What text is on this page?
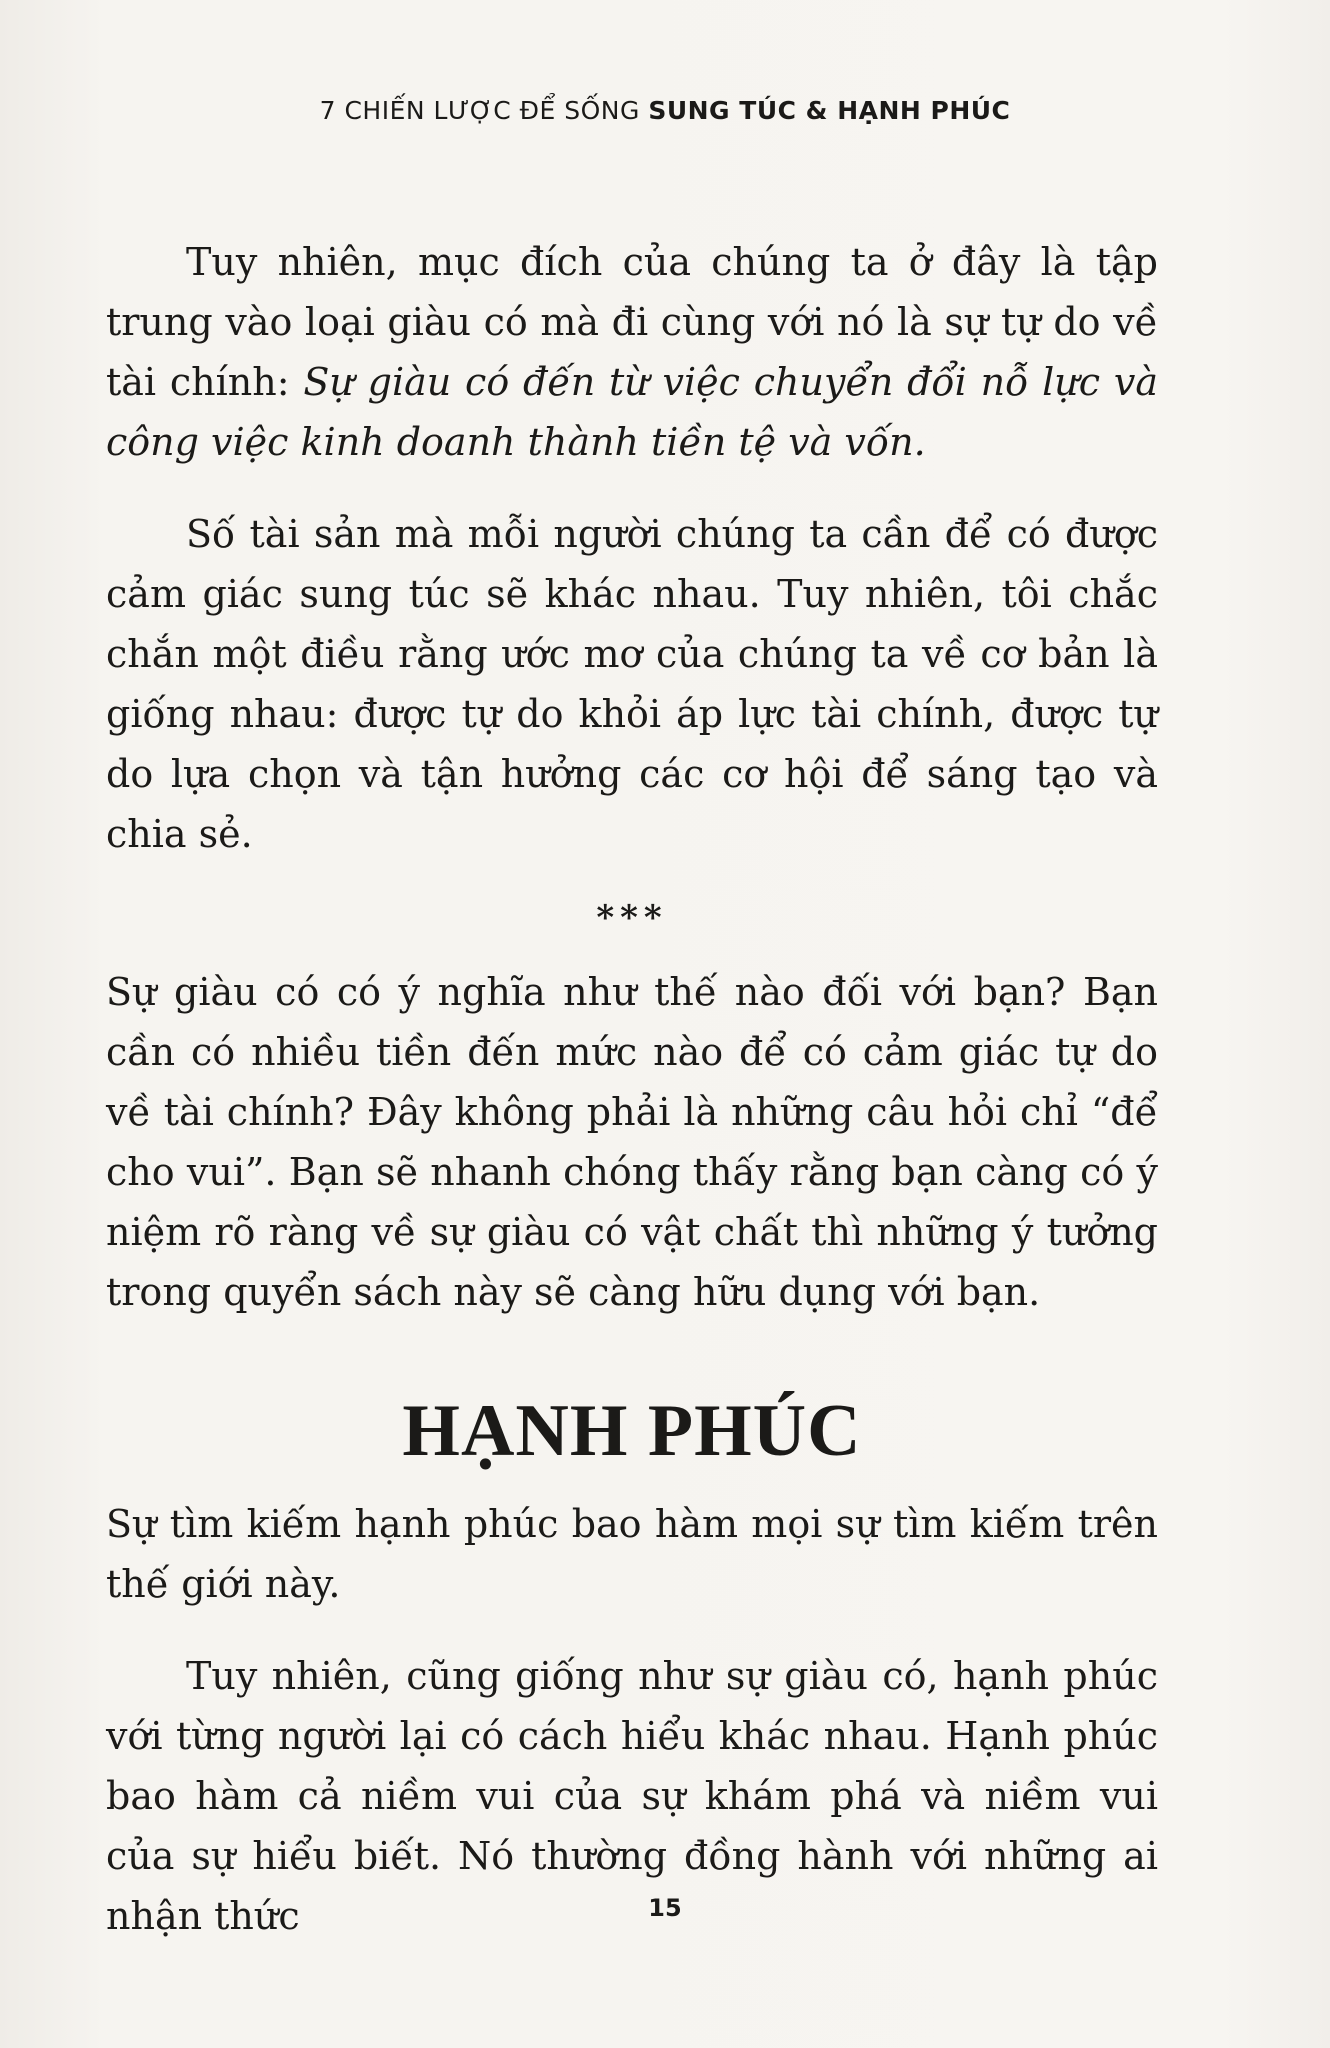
7 CHIẾN LƯỢC ĐỂ SỐNG SUNG TÚC & HẠNH PHÚC

Tuy nhiên, mục đích của chúng ta ở đây là tập trung vào loại giàu có mà đi cùng với nó là sự tự do về tài chính: Sự giàu có đến từ việc chuyển đổi nỗ lực và công việc kinh doanh thành tiền tệ và vốn.

Số tài sản mà mỗi người chúng ta cần để có được cảm giác sung túc sẽ khác nhau. Tuy nhiên, tôi chắc chắn một điều rằng ước mơ của chúng ta về cơ bản là giống nhau: được tự do khỏi áp lực tài chính, được tự do lựa chọn và tận hưởng các cơ hội để sáng tạo và chia sẻ.

***

Sự giàu có có ý nghĩa như thế nào đối với bạn? Bạn cần có nhiều tiền đến mức nào để có cảm giác tự do về tài chính? Đây không phải là những câu hỏi chỉ “để cho vui”. Bạn sẽ nhanh chóng thấy rằng bạn càng có ý niệm rõ ràng về sự giàu có vật chất thì những ý tưởng trong quyển sách này sẽ càng hữu dụng với bạn.

HẠNH PHÚC

Sự tìm kiếm hạnh phúc bao hàm mọi sự tìm kiếm trên thế giới này.

Tuy nhiên, cũng giống như sự giàu có, hạnh phúc với từng người lại có cách hiểu khác nhau. Hạnh phúc bao hàm cả niềm vui của sự khám phá và niềm vui của sự hiểu biết. Nó thường đồng hành với những ai nhận thức	15
